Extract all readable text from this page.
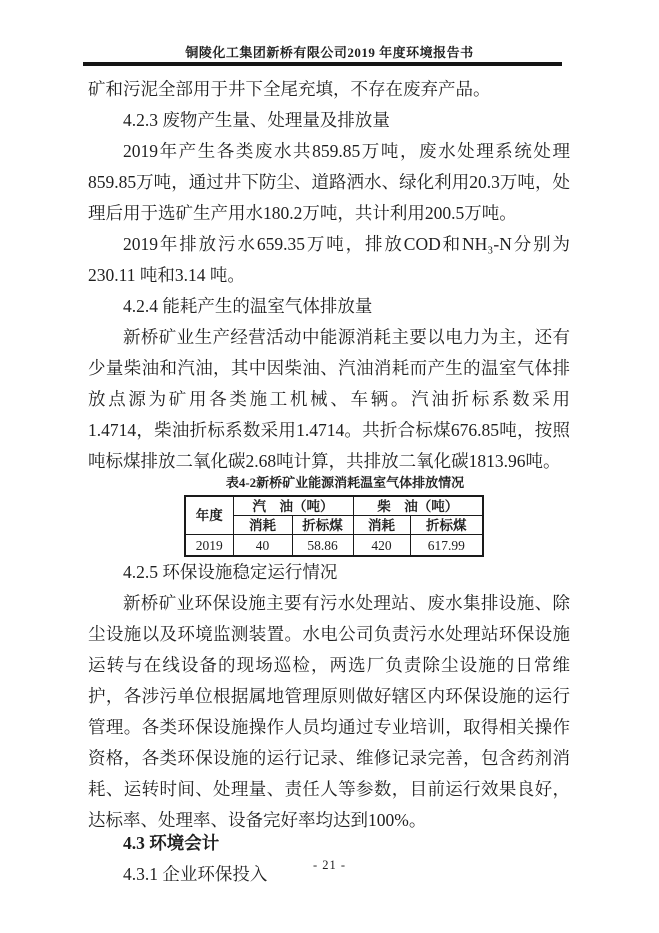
铜陵化工集团新桥有限公司2019 年度环境报告书

矿和污泥全部用于井下全尾充填，不存在废弃产品。

4.2.3 废物产生量、处理量及排放量

2019年产生各类废水共859.85万吨，废水处理系统处理859.85万吨，通过井下防尘、道路洒水、绿化利用20.3万吨，处理后用于选矿生产用水180.2万吨，共计利用200.5万吨。

2019年排放污水659.35万吨，排放COD和NH₃-N分别为230.11 吨和3.14 吨。

4.2.4 能耗产生的温室气体排放量

新桥矿业生产经营活动中能源消耗主要以电力为主，还有少量柴油和汽油，其中因柴油、汽油消耗而产生的温室气体排放点源为矿用各类施工机械、车辆。汽油折标系数采用1.4714，柴油折标系数采用1.4714。共折合标煤676.85吨，按照吨标煤排放二氧化碳2.68吨计算，共排放二氧化碳1813.96吨。

表4-2新桥矿业能源消耗温室气体排放情况
年度	汽　油（吨）		柴　油（吨）	
	消耗	折标煤	消耗	折标煤
2019	40	58.86	420	617.99

4.2.5 环保设施稳定运行情况

新桥矿业环保设施主要有污水处理站、废水集排设施、除尘设施以及环境监测装置。水电公司负责污水处理站环保设施运转与在线设备的现场巡检，两选厂负责除尘设施的日常维护，各涉污单位根据属地管理原则做好辖区内环保设施的运行管理。各类环保设施操作人员均通过专业培训，取得相关操作资格，各类环保设施的运行记录、维修记录完善，包含药剂消耗、运转时间、处理量、责任人等参数，目前运行效果良好，达标率、处理率、设备完好率均达到100%。

4.3 环境会计

4.3.1 企业环保投入	- 21 -
